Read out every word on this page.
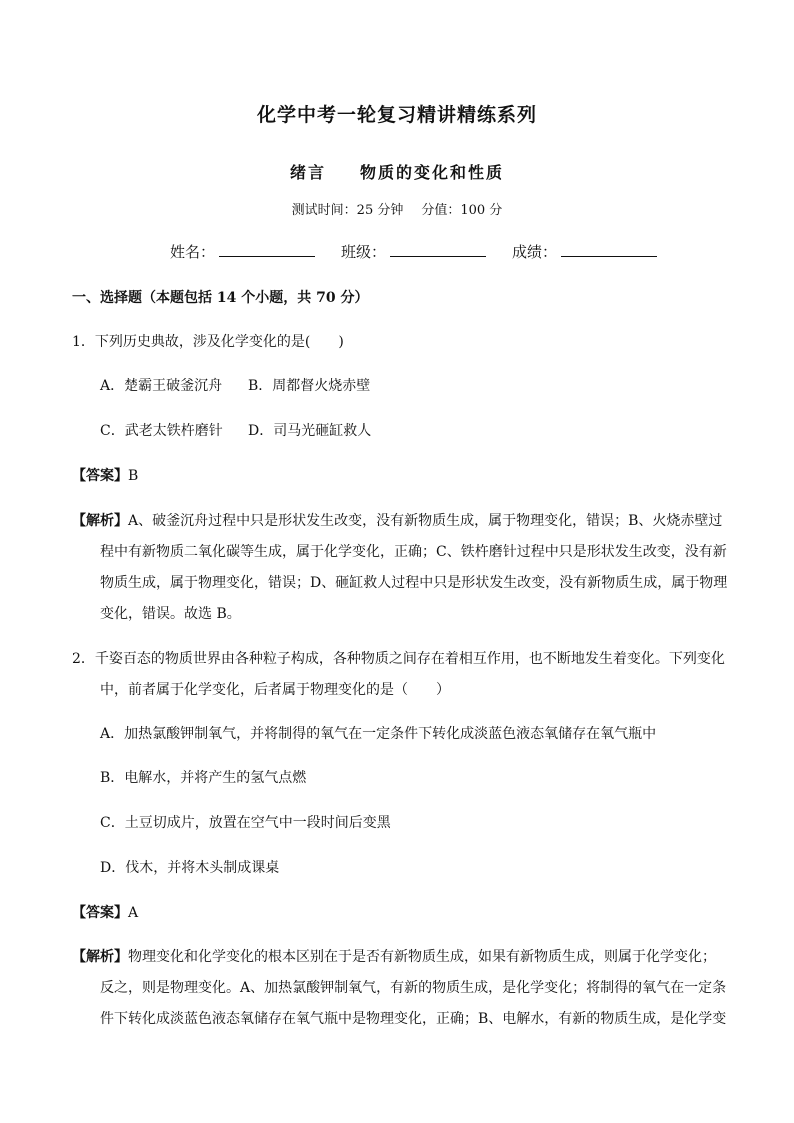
化学中考一轮复习精讲精练系列
绪言 物质的变化和性质
测试时间：25 分钟 分值：100 分
姓名：	班级：	成绩：
一、选择题（本题包括 14 个小题，共 70 分）
1．下列历史典故，涉及化学变化的是(　　)
A．楚霸王破釜沉舟 B．周都督火烧赤壁
C．武老太铁杵磨针 D．司马光砸缸救人
【答案】B
【解析】A、破釜沉舟过程中只是形状发生改变，没有新物质生成，属于物理变化，错误；B、火烧赤壁过
程中有新物质二氧化碳等生成，属于化学变化，正确；C、铁杵磨针过程中只是形状发生改变，没有新
物质生成，属于物理变化，错误；D、砸缸救人过程中只是形状发生改变，没有新物质生成，属于物理
变化，错误。故选 B。
2．千姿百态的物质世界由各种粒子构成，各种物质之间存在着相互作用，也不断地发生着变化。下列变化
中，前者属于化学变化，后者属于物理变化的是（　　）
A．加热氯酸钾制氧气，并将制得的氧气在一定条件下转化成淡蓝色液态氧储存在氧气瓶中
B．电解水，并将产生的氢气点燃
C．土豆切成片，放置在空气中一段时间后变黑
D．伐木，并将木头制成课桌
【答案】A
【解析】物理变化和化学变化的根本区别在于是否有新物质生成，如果有新物质生成，则属于化学变化；
反之，则是物理变化。A、加热氯酸钾制氧气，有新的物质生成，是化学变化；将制得的氧气在一定条
件下转化成淡蓝色液态氧储存在氧气瓶中是物理变化，正确；B、电解水，有新的物质生成，是化学变
